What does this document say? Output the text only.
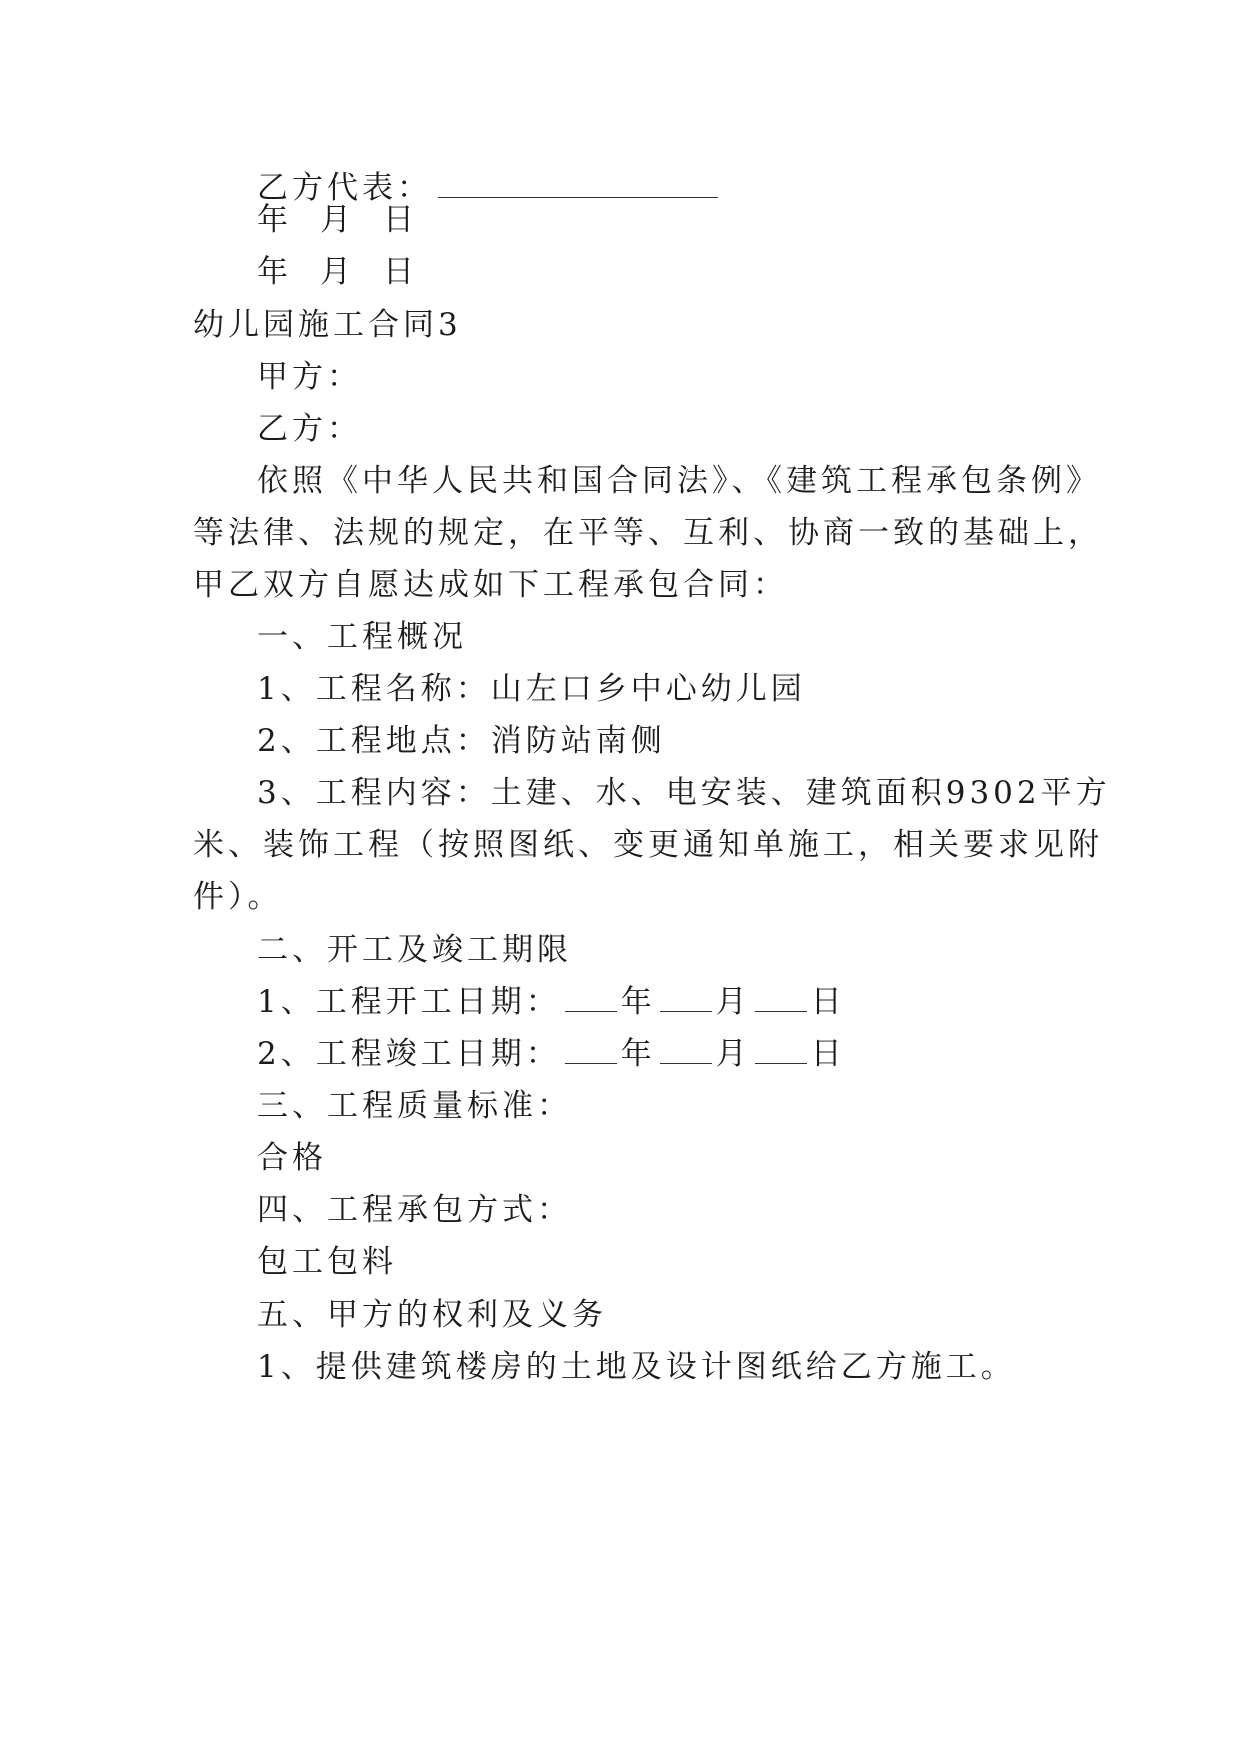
乙方代表：
年 月 日
年 月 日
幼儿园施工合同3
甲方：
乙方：
依照《中华人民共和国合同法》、《建筑工程承包条例》
等法律、法规的规定，在平等、互利、协商一致的基础上，
甲乙双方自愿达成如下工程承包合同：
一、工程概况
1、工程名称：山左口乡中心幼儿园
2、工程地点：消防站南侧
3、工程内容：土建、水、电安装、建筑面积9302平方
米、装饰工程（按照图纸、变更通知单施工，相关要求见附
件）。
二、开工及竣工期限
1、工程开工日期： 年 月 日
2、工程竣工日期： 年 月 日
三、工程质量标准：
合格
四、工程承包方式：
包工包料
五、甲方的权利及义务
1、提供建筑楼房的土地及设计图纸给乙方施工。
